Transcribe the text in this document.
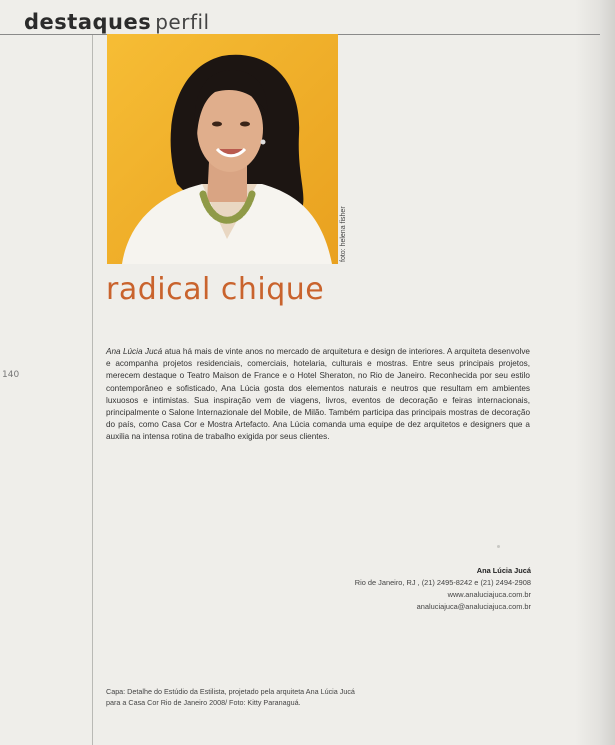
destaques perfil
140
foto: helena fisher
radical chique
Ana Lúcia Jucá atua há mais de vinte anos no mercado de arquitetura e design de interiores. A arquiteta desenvolve e acompanha projetos residenciais, comerciais, hotelaria, culturais e mostras. Entre seus principais projetos, merecem destaque o Teatro Maison de France e o Hotel Sheraton, no Rio de Janeiro. Reconhecida por seu estilo contemporâneo e sofisticado, Ana Lúcia gosta dos elementos naturais e neutros que resultam em ambientes luxuosos e intimistas. Sua inspiração vem de viagens, livros, eventos de decoração e feiras internacionais, principalmente o Salone Internazionale del Mobile, de Milão. Também participa das principais mostras de decoração do país, como Casa Cor e Mostra Artefacto. Ana Lúcia comanda uma equipe de dez arquitetos e designers que a auxilia na intensa rotina de trabalho exigida por seus clientes.
Ana Lúcia Jucá
Rio de Janeiro, RJ , (21) 2495-8242 e (21) 2494-2908
www.analuciajuca.com.br
analuciajuca@analuciajuca.com.br
Capa: Detalhe do Estúdio da Estilista, projetado pela arquiteta Ana Lúcia Jucá para a Casa Cor Rio de Janeiro 2008/ Foto: Kitty Paranaguá.
